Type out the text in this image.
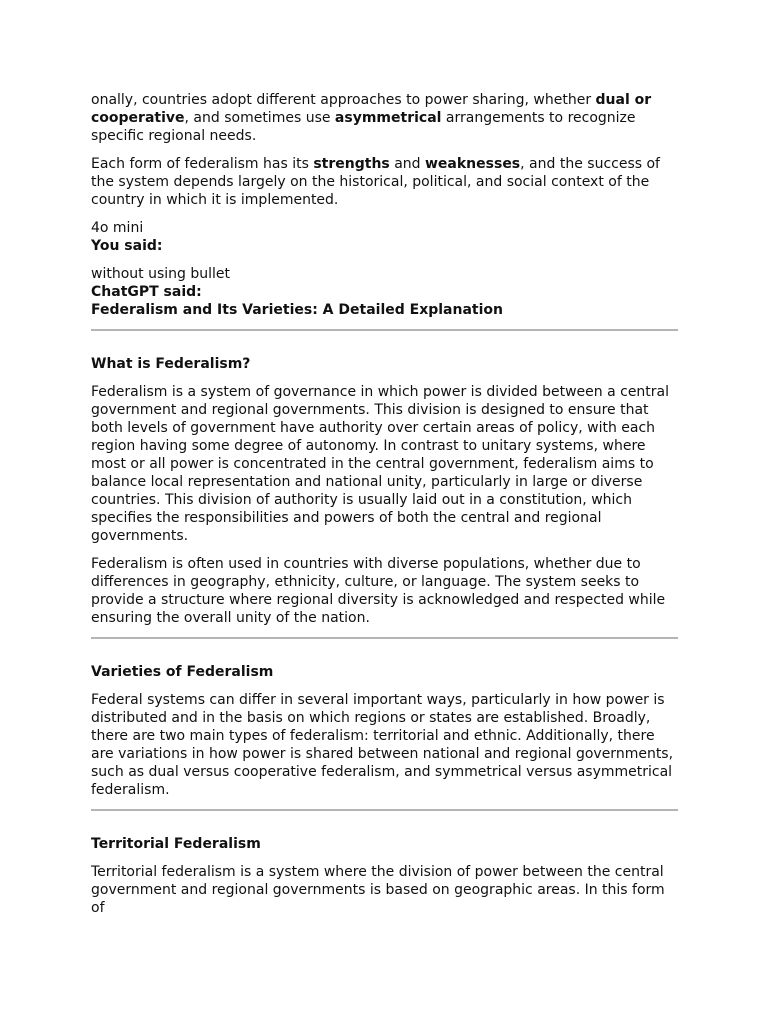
onally, countries adopt different approaches to power sharing, whether dual or cooperative, and sometimes use asymmetrical arrangements to recognize specific regional needs.

Each form of federalism has its strengths and weaknesses, and the success of the system depends largely on the historical, political, and social context of the country in which it is implemented.

4o mini

You said:

without using bullet

ChatGPT said:

Federalism and Its Varieties: A Detailed Explanation

What is Federalism?

Federalism is a system of governance in which power is divided between a central government and regional governments. This division is designed to ensure that both levels of government have authority over certain areas of policy, with each region having some degree of autonomy. In contrast to unitary systems, where most or all power is concentrated in the central government, federalism aims to balance local representation and national unity, particularly in large or diverse countries. This division of authority is usually laid out in a constitution, which specifies the responsibilities and powers of both the central and regional governments.

Federalism is often used in countries with diverse populations, whether due to differences in geography, ethnicity, culture, or language. The system seeks to provide a structure where regional diversity is acknowledged and respected while ensuring the overall unity of the nation.

Varieties of Federalism

Federal systems can differ in several important ways, particularly in how power is distributed and in the basis on which regions or states are established. Broadly, there are two main types of federalism: territorial and ethnic. Additionally, there are variations in how power is shared between national and regional governments, such as dual versus cooperative federalism, and symmetrical versus asymmetrical federalism.

Territorial Federalism

Territorial federalism is a system where the division of power between the central government and regional governments is based on geographic areas. In this form of
